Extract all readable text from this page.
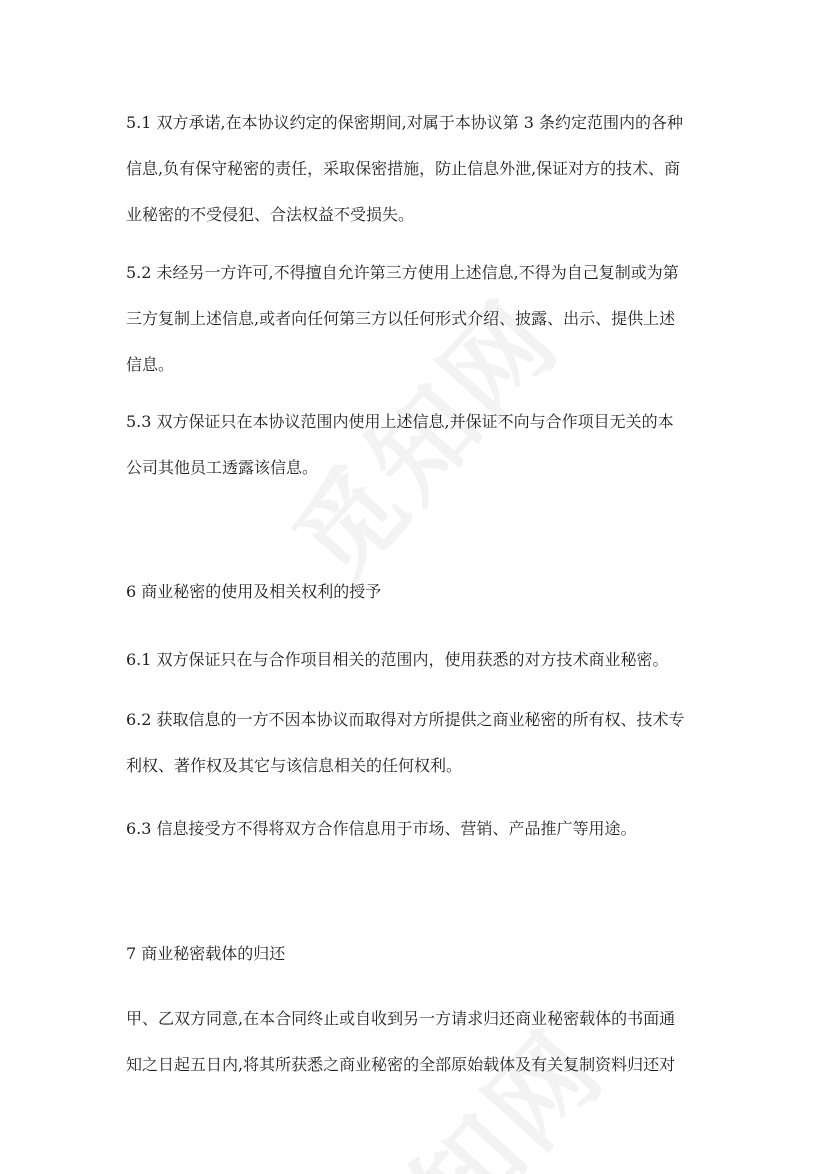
5.1 双方承诺,在本协议约定的保密期间,对属于本协议第 3 条约定范围内的各种
信息,负有保守秘密的责任，采取保密措施，防止信息外泄,保证对方的技术、商
业秘密的不受侵犯、合法权益不受损失。
5.2 未经另一方许可,不得擅自允许第三方使用上述信息,不得为自己复制或为第
三方复制上述信息,或者向任何第三方以任何形式介绍、披露、出示、提供上述
信息。
5.3 双方保证只在本协议范围内使用上述信息,并保证不向与合作项目无关的本
公司其他员工透露该信息。
6 商业秘密的使用及相关权利的授予
6.1 双方保证只在与合作项目相关的范围内，使用获悉的对方技术商业秘密。
6.2 获取信息的一方不因本协议而取得对方所提供之商业秘密的所有权、技术专
利权、著作权及其它与该信息相关的任何权利。
6.3 信息接受方不得将双方合作信息用于市场、营销、产品推广等用途。
7 商业秘密载体的归还
甲、乙双方同意,在本合同终止或自收到另一方请求归还商业秘密载体的书面通
知之日起五日内,将其所获悉之商业秘密的全部原始载体及有关复制资料归还对
